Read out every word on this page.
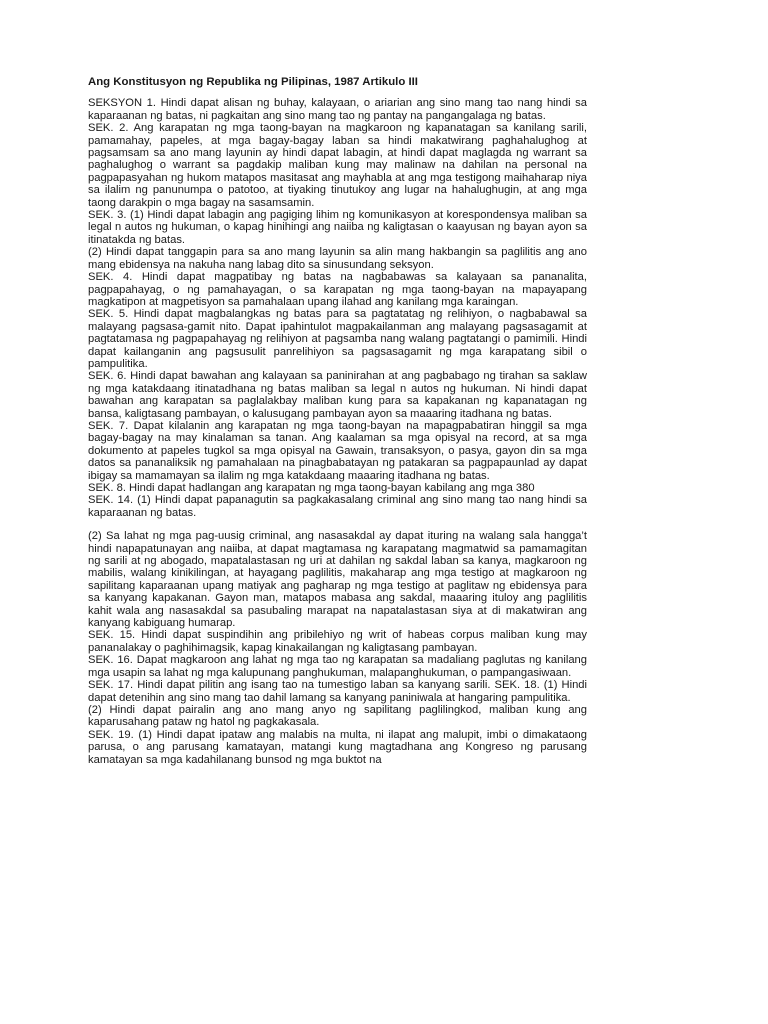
Ang Konstitusyon ng Republika ng Pilipinas, 1987 Artikulo III

SEKSYON 1. Hindi dapat alisan ng buhay, kalayaan, o ariarian ang sino mang tao nang hindi sa kaparaanan ng batas, ni pagkaitan ang sino mang tao ng pantay na pangangalaga ng batas.

SEK. 2. Ang karapatan ng mga taong-bayan na magkaroon ng kapanatagan sa kanilang sarili, pamamahay, papeles, at mga bagay-bagay laban sa hindi makatwirang paghahalughog at pagsamsam sa ano mang layunin ay hindi dapat labagin, at hindi dapat maglagda ng warrant sa paghalughog o warrant sa pagdakip maliban kung may malinaw na dahilan na personal na pagpapasyahan ng hukom matapos masitasat ang mayhabla at ang mga testigong maihaharap niya sa ilalim ng panunumpa o patotoo, at tiyaking tinutukoy ang lugar na hahalughugin, at ang mga taong darakpin o mga bagay na sasamsamin.

SEK. 3. (1) Hindi dapat labagin ang pagiging lihim ng komunikasyon at korespondensya maliban sa legal n autos ng hukuman, o kapag hinihingi ang naiiba ng kaligtasan o kaayusan ng bayan ayon sa itinatakda ng batas.

(2) Hindi dapat tanggapin para sa ano mang layunin sa alin mang hakbangin sa paglilitis ang ano mang ebidensya na nakuha nang labag dito sa sinusundang seksyon.

SEK. 4. Hindi dapat magpatibay ng batas na nagbabawas sa kalayaan sa pananalita, pagpapahayag, o ng pamahayagan, o sa karapatan ng mga taong-bayan na mapayapang magkatipon at magpetisyon sa pamahalaan upang ilahad ang kanilang mga karaingan.

SEK. 5. Hindi dapat magbalangkas ng batas para sa pagtatatag ng relihiyon, o nagbabawal sa malayang pagsasa-gamit nito. Dapat ipahintulot magpakailanman ang malayang pagsasagamit at pagtatamasa ng pagpapahayag ng relihiyon at pagsamba nang walang pagtatangi o pamimili. Hindi dapat kailanganin ang pagsusulit panrelihiyon sa pagsasagamit ng mga karapatang sibil o pampulitika.

SEK. 6. Hindi dapat bawahan ang kalayaan sa paninirahan at ang pagbabago ng tirahan sa saklaw ng mga katakdaang itinatadhana ng batas maliban sa legal n autos ng hukuman. Ni hindi dapat bawahan ang karapatan sa paglalakbay maliban kung para sa kapakanan ng kapanatagan ng bansa, kaligtasang pambayan, o kalusugang pambayan ayon sa maaaring itadhana ng batas.

SEK. 7. Dapat kilalanin ang karapatan ng mga taong-bayan na mapagpabatiran hinggil sa mga bagay-bagay na may kinalaman sa tanan. Ang kaalaman sa mga opisyal na record, at sa mga dokumento at papeles tugkol sa mga opisyal na Gawain, transaksyon, o pasya, gayon din sa mga datos sa pananaliksik ng pamahalaan na pinagbabatayan ng patakaran sa pagpapaunlad ay dapat ibigay sa mamamayan sa ilalim ng mga katakdaang maaaring itadhana ng batas.

SEK. 8. Hindi dapat hadlangan ang karapatan ng mga taong-bayan kabilang ang mga 380

SEK. 14. (1) Hindi dapat papanagutin sa pagkakasalang criminal ang sino mang tao nang hindi sa kaparaanan ng batas.

(2) Sa lahat ng mga pag-uusig criminal, ang nasasakdal ay dapat ituring na walang sala hangga’t hindi napapatunayan ang naiiba, at dapat magtamasa ng karapatang magmatwid sa pamamagitan ng sarili at ng abogado, mapatalastasan ng uri at dahilan ng sakdal laban sa kanya, magkaroon ng mabilis, walang kinikilingan, at hayagang paglilitis, makaharap ang mga testigo at magkaroon ng sapilitang kaparaanan upang matiyak ang pagharap ng mga testigo at paglitaw ng ebidensya para sa kanyang kapakanan. Gayon man, matapos mabasa ang sakdal, maaaring ituloy ang paglilitis kahit wala ang nasasakdal sa pasubaling marapat na napatalastasan siya at di makatwiran ang kanyang kabiguang humarap.

SEK. 15. Hindi dapat suspindihin ang pribilehiyo ng writ of habeas corpus maliban kung may pananalakay o paghihimagsik, kapag kinakailangan ng kaligtasang pambayan.

SEK. 16. Dapat magkaroon ang lahat ng mga tao ng karapatan sa madaliang paglutas ng kanilang mga usapin sa lahat ng mga kalupunang panghukuman, malapanghukuman, o pampangasiwaan.

SEK. 17. Hindi dapat pilitin ang isang tao na tumestigo laban sa kanyang sarili. SEK. 18. (1) Hindi dapat detenihin ang sino mang tao dahil lamang sa kanyang paniniwala at hangaring pampulitika.

(2) Hindi dapat pairalin ang ano mang anyo ng sapilitang paglilingkod, maliban kung ang kaparusahang pataw ng hatol ng pagkakasala.

SEK. 19. (1) Hindi dapat ipataw ang malabis na multa, ni ilapat ang malupit, imbi o dimakataong parusa, o ang parusang kamatayan, matangi kung magtadhana ang Kongreso ng parusang kamatayan sa mga kadahilanang bunsod ng mga buktot na
